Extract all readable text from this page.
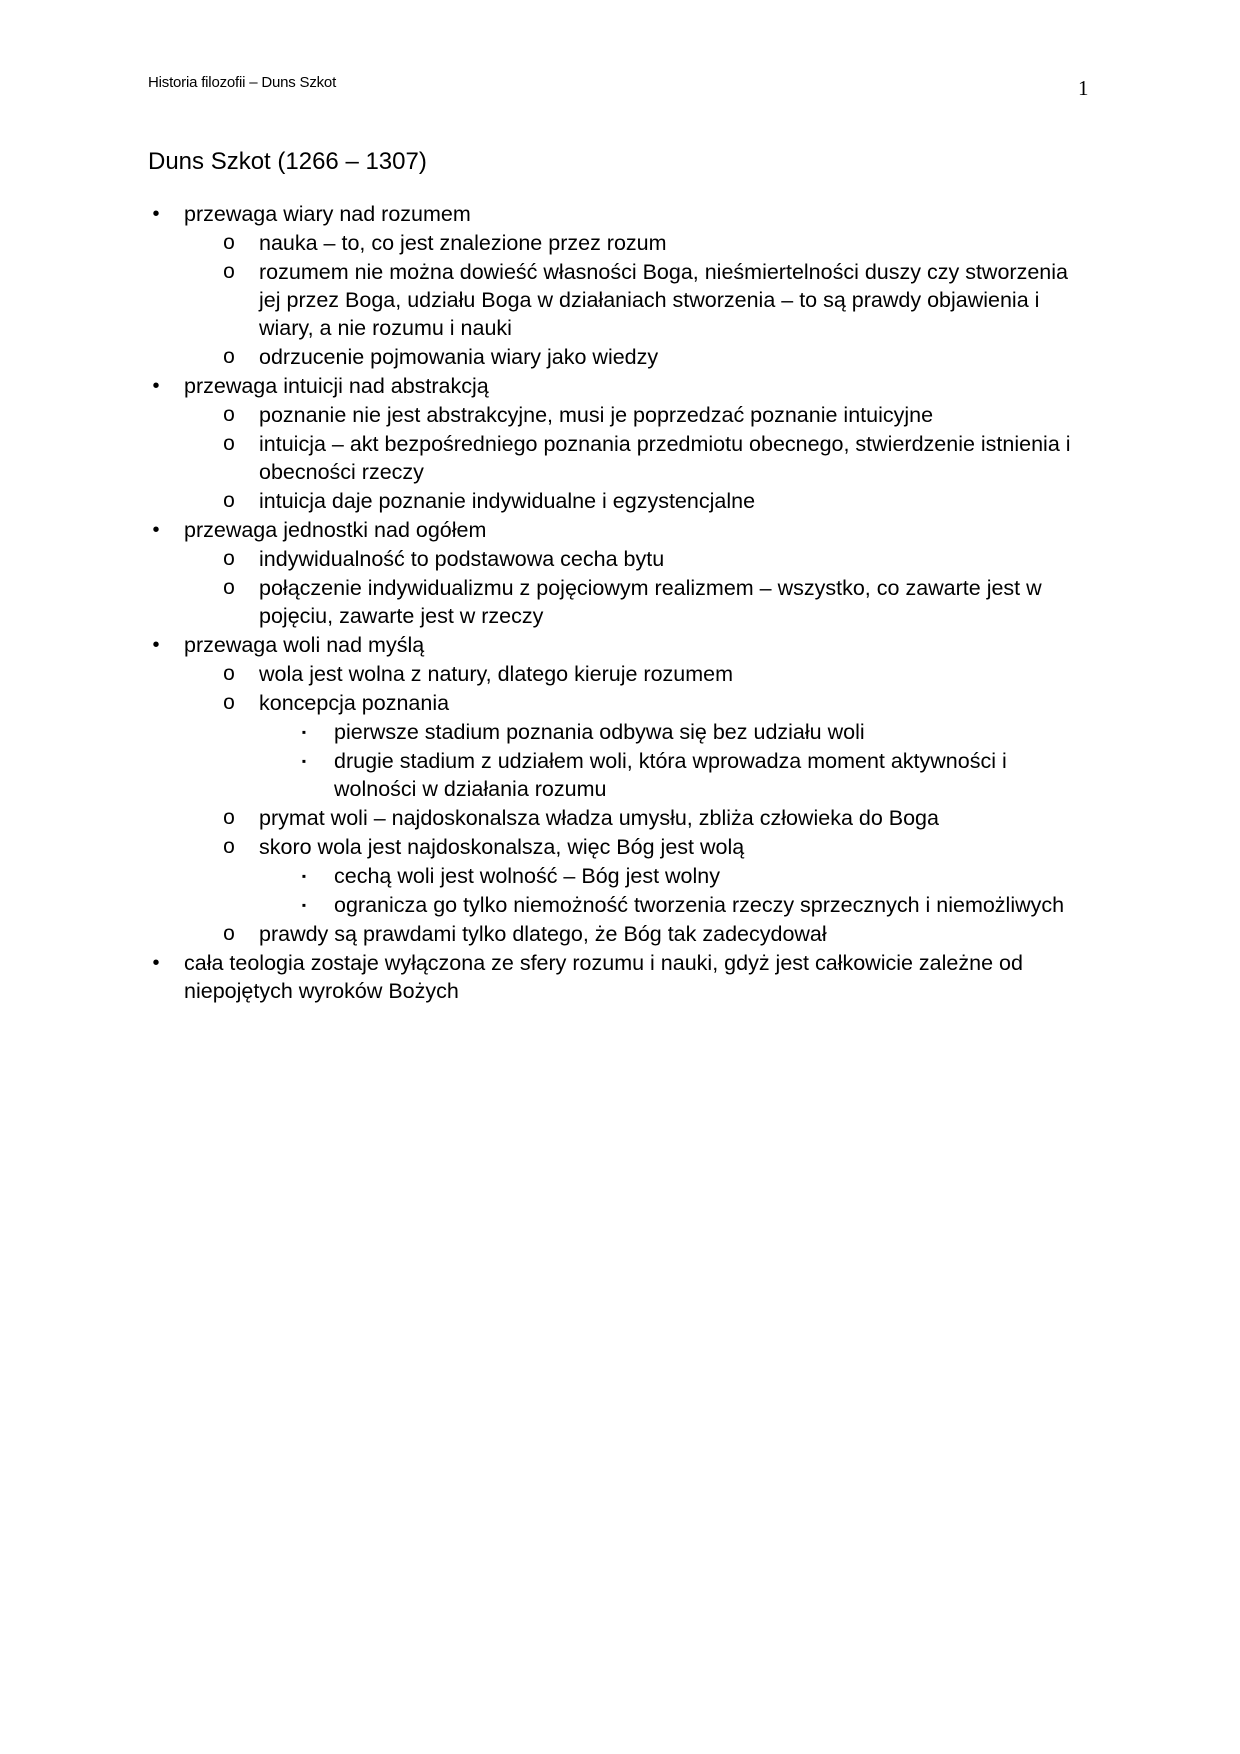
Historia filozofii – Duns Szkot	1
Duns Szkot (1266 – 1307)
•	przewaga wiary nad rozumem
o nauka – to, co jest znalezione przez rozum
o rozumem nie można dowieść własności Boga, nieśmiertelności duszy czy stworzenia jej przez Boga, udziału Boga w działaniach stworzenia – to są prawdy objawienia i wiary, a nie rozumu i nauki
o odrzucenie pojmowania wiary jako wiedzy
•	przewaga intuicji nad abstrakcją
o poznanie nie jest abstrakcyjne, musi je poprzedzać poznanie intuicyjne
o intuicja – akt bezpośredniego poznania przedmiotu obecnego, stwierdzenie istnienia i obecności rzeczy
o intuicja daje poznanie indywidualne i egzystencjalne
•	przewaga jednostki nad ogółem
o indywidualność to podstawowa cecha bytu
o połączenie indywidualizmu z pojęciowym realizmem – wszystko, co zawarte jest w pojęciu, zawarte jest w rzeczy
•	przewaga woli nad myślą
o wola jest wolna z natury, dlatego kieruje rozumem
o koncepcja poznania
▪	pierwsze stadium poznania odbywa się bez udziału woli
▪	drugie stadium z udziałem woli, która wprowadza moment aktywności i wolności w działania rozumu
o prymat woli – najdoskonalsza władza umysłu, zbliża człowieka do Boga
o skoro wola jest najdoskonalsza, więc Bóg jest wolą
▪	cechą woli jest wolność – Bóg jest wolny
▪	ogranicza go tylko niemożność tworzenia rzeczy sprzecznych i niemożliwych
o prawdy są prawdami tylko dlatego, że Bóg tak zadecydował
•	cała teologia zostaje wyłączona ze sfery rozumu i nauki, gdyż jest całkowicie zależne od niepojętych wyroków Bożych
